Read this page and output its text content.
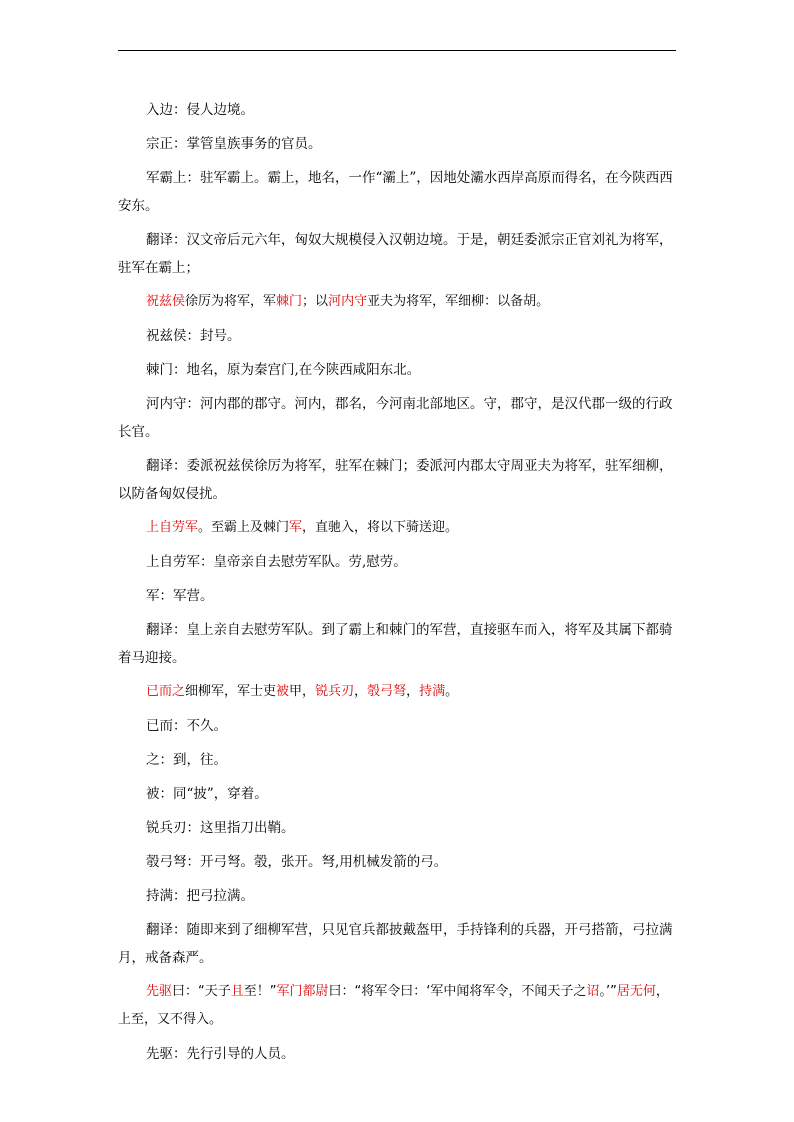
入边：侵人边境。

宗正：掌管皇族事务的官员。

军霸上：驻军霸上。霸上，地名，一作“灞上”，因地处灞水西岸高原而得名，在今陕西西安东。

翻译：汉文帝后元六年，匈奴大规模侵入汉朝边境。于是，朝廷委派宗正官刘礼为将军，驻军在霸上；

祝兹侯徐厉为将军，军棘门；以河内守亚夫为将军，军细柳：以备胡。

祝兹侯：封号。

棘门：地名，原为秦宫门,在今陕西咸阳东北。

河内守：河内郡的郡守。河内，郡名，今河南北部地区。守，郡守，是汉代郡一级的行政长官。

翻译：委派祝兹侯徐厉为将军，驻军在棘门；委派河内郡太守周亚夫为将军，驻军细柳，以防备匈奴侵扰。

上自劳军。至霸上及棘门军，直驰入，将以下骑送迎。

上自劳军：皇帝亲自去慰劳军队。劳,慰劳。

军：军营。

翻译：皇上亲自去慰劳军队。到了霸上和棘门的军营，直接驱车而入，将军及其属下都骑着马迎接。

已而之细柳军，军士吏被甲，锐兵刃，彀弓弩，持满。

已而：不久。

之：到，往。

被：同“披”，穿着。

锐兵刃：这里指刀出鞘。

彀弓弩：开弓弩。彀，张开。弩,用机械发箭的弓。

持满：把弓拉满。

翻译：随即来到了细柳军营，只见官兵都披戴盔甲，手持锋利的兵器，开弓搭箭，弓拉满月，戒备森严。

先驱曰：“天子且至！”军门都尉曰：“将军令曰：‘军中闻将军令，不闻天子之诏。’”居无何，上至，又不得入。

先驱：先行引导的人员。
